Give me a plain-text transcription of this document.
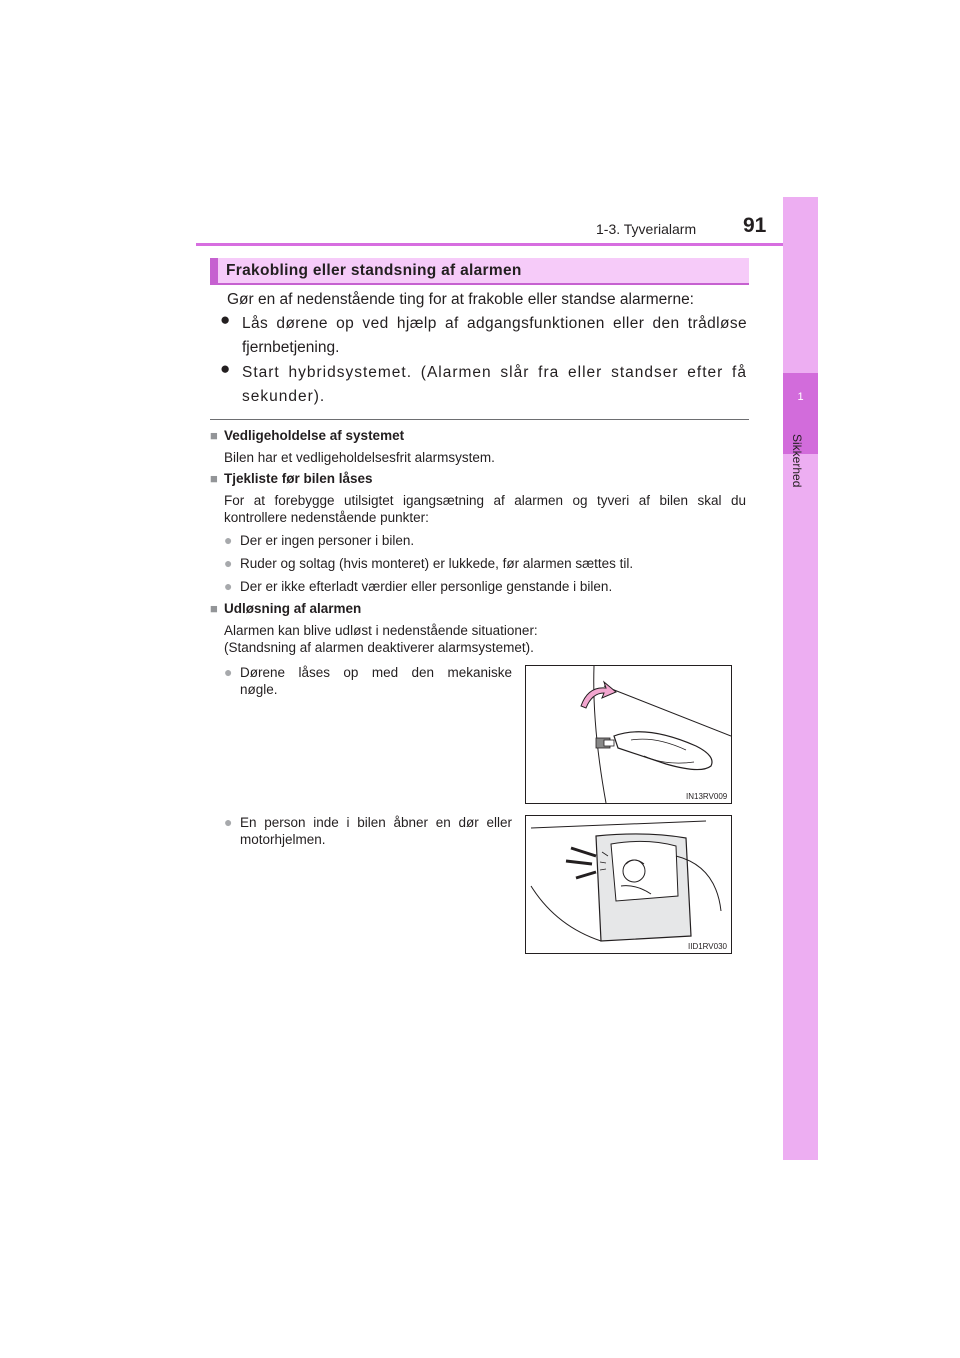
1-3. Tyverialarm 91
1
Sikkerhed
Frakobling eller standsning af alarmen
Gør en af nedenstående ting for at frakoble eller standse alarmerne:
● Lås dørene op ved hjælp af adgangsfunktionen eller den trådløse
fjernbetjening.
● Start hybridsystemet. (Alarmen slår fra eller standser efter få
sekunder).
■ Vedligeholdelse af systemet
Bilen har et vedligeholdelsesfrit alarmsystem.
■ Tjekliste før bilen låses
For at forebygge utilsigtet igangsætning af alarmen og tyveri af bilen skal du
kontrollere nedenstående punkter:
● Der er ingen personer i bilen.
● Ruder og soltag (hvis monteret) er lukkede, før alarmen sættes til.
● Der er ikke efterladt værdier eller personlige genstande i bilen.
■ Udløsning af alarmen
Alarmen kan blive udløst i nedenstående situationer:
(Standsning af alarmen deaktiverer alarmsystemet).
● Dørene låses op med den mekaniske
nøgle.
● En person inde i bilen åbner en dør eller
motorhjelmen.
IN13RV009
IID1RV030
